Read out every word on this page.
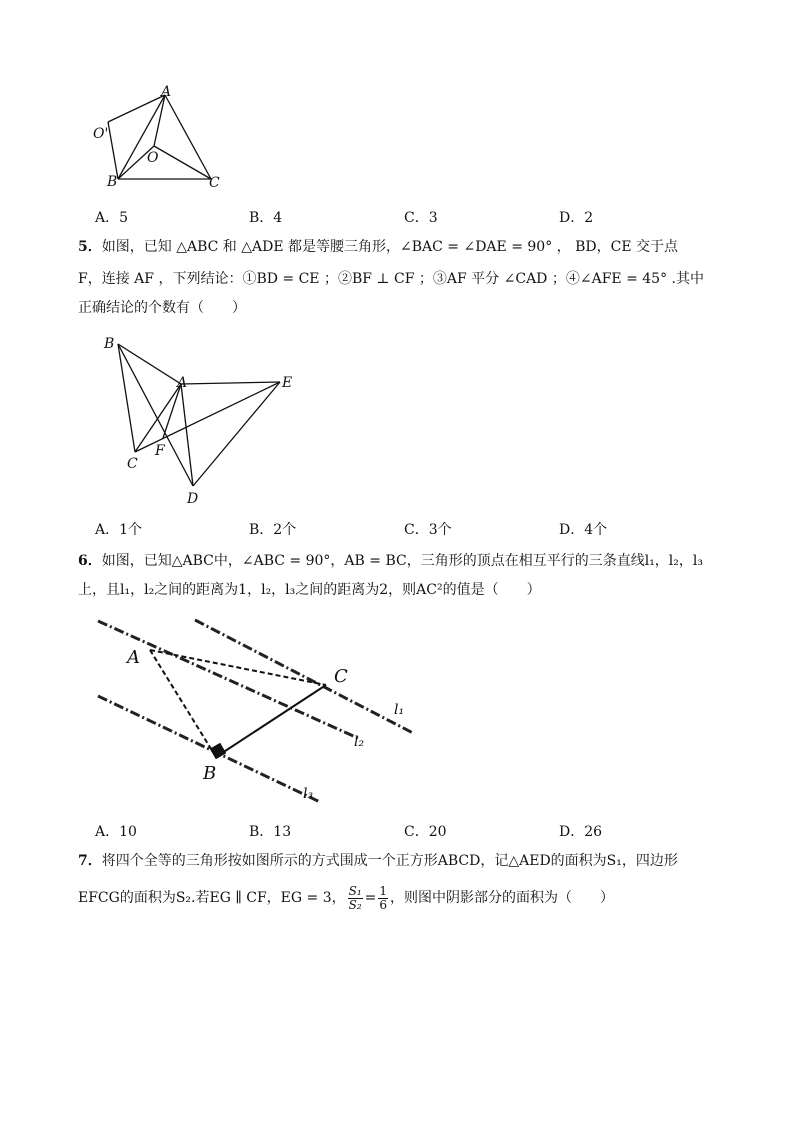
A
O'
O
B	C
A．5	B．4	C．3	D．2
5．如图，已知 △ABC 和 △ADE 都是等腰三角形，∠BAC = ∠DAE = 90° ， BD，CE 交于点
F，连接 AF ，下列结论：①BD = CE ；②BF ⊥ CF ；③AF 平分 ∠CAD ；④∠AFE = 45° .其中
正确结论的个数有（　　）
B
A	E
C
F
D
A．1个	B．2个	C．3个	D．4个
6．如图，已知△ABC中，∠ABC = 90°，AB = BC，三角形的顶点在相互平行的三条直线l₁，l₂，l₃
上，且l₁，l₂之间的距离为1，l₂，l₃之间的距离为2，则AC²的值是（　　）
A
C
l₁
l₂
B
l₃
A．10	B．13	C．20	D．26
7．将四个全等的三角形按如图所示的方式围成一个正方形ABCD，记△AED的面积为S₁，四边形
EFCG的面积为S₂.若EG ∥ CF，EG = 3， $\frac{\text{S₁}}{\text{S₂}} = \frac{1}{6}$ ，则图中阴影部分的面积为（　　）
